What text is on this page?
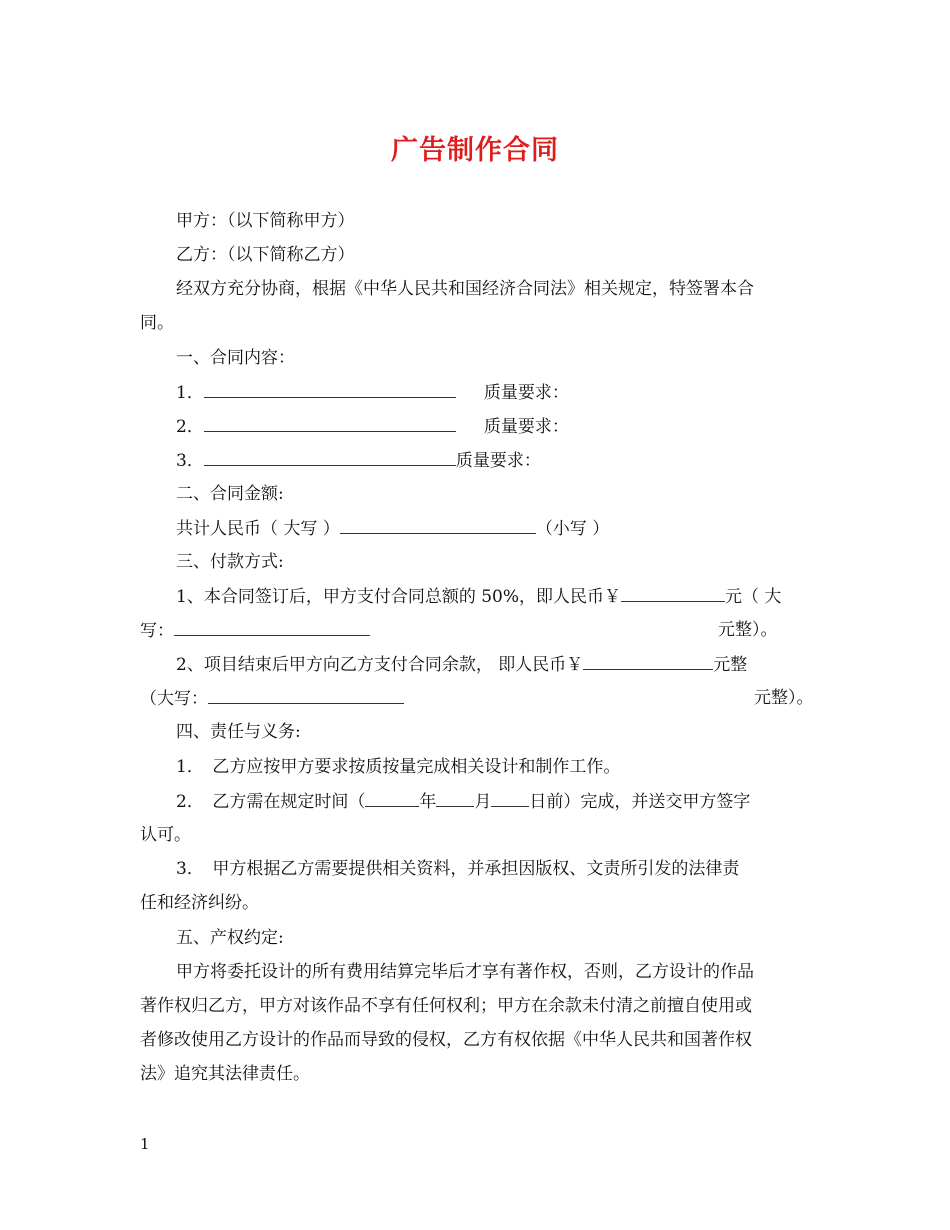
广告制作合同
甲方：（以下简称甲方）
乙方：（以下简称乙方）
经双方充分协商，根据《中华人民共和国经济合同法》相关规定，特签署本合
同。
一、合同内容：
1．	质量要求：
2．	质量要求：
3．	质量要求：
二、合同金额:
共计人民币（ 大写 ）	（小写 ）
三、付款方式:
1、本合同签订后，甲方支付合同总额的 50%，即人民币￥	元（ 大
写：	元整）。
2、项目结束后甲方向乙方支付合同余款， 即人民币￥	元整
（大写：	元整）。
四、责任与义务:
1．　乙方应按甲方要求按质按量完成相关设计和制作工作。
2．　乙方需在规定时间（	年 月 日前）完成，并送交甲方签字
认可。
3．　甲方根据乙方需要提供相关资料，并承担因版权、文责所引发的法律责
任和经济纠纷。
五、产权约定:
甲方将委托设计的所有费用结算完毕后才享有著作权，否则，乙方设计的作品
著作权归乙方，甲方对该作品不享有任何权利；甲方在余款未付清之前擅自使用或
者修改使用乙方设计的作品而导致的侵权，乙方有权依据《中华人民共和国著作权
法》追究其法律责任。
1
